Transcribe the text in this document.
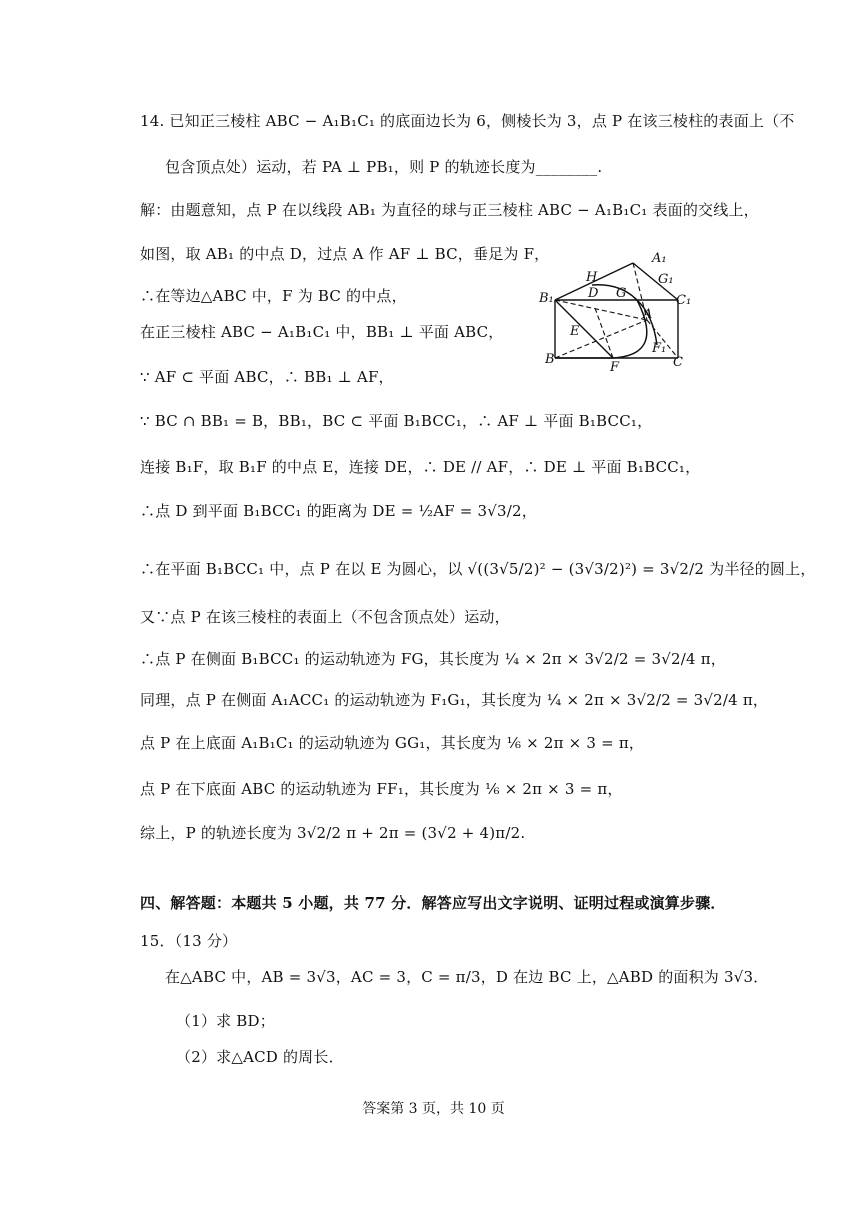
14. 已知正三棱柱 ABC − A₁B₁C₁ 的底面边长为 6，侧棱长为 3，点 P 在该三棱柱的表面上（不
包含顶点处）运动，若 PA ⊥ PB₁，则 P 的轨迹长度为________.
解：由题意知，点 P 在以线段 AB₁ 为直径的球与正三棱柱 ABC − A₁B₁C₁ 表面的交线上，
如图，取 AB₁ 的中点 D，过点 A 作 AF ⊥ BC，垂足为 F，
∴在等边△ABC 中，F 为 BC 的中点，
在正三棱柱 ABC − A₁B₁C₁ 中，BB₁ ⊥ 平面 ABC，
∵ AF ⊂ 平面 ABC，∴ BB₁ ⊥ AF，
∵ BC ∩ BB₁ = B，BB₁，BC ⊂ 平面 B₁BCC₁，∴ AF ⊥ 平面 B₁BCC₁，
连接 B₁F，取 B₁F 的中点 E，连接 DE，∴ DE // AF，∴ DE ⊥ 平面 B₁BCC₁，
∴点 D 到平面 B₁BCC₁ 的距离为 DE = ½AF = 3√3/2，
∴在平面 B₁BCC₁ 中，点 P 在以 E 为圆心，以 √((3√5/2)² − (3√3/2)²) = 3√2/2 为半径的圆上，
又∵点 P 在该三棱柱的表面上（不包含顶点处）运动，
∴点 P 在侧面 B₁BCC₁ 的运动轨迹为 FG，其长度为 ¼ × 2π × 3√2/2 = 3√2/4 π，
同理，点 P 在侧面 A₁ACC₁ 的运动轨迹为 F₁G₁，其长度为 ¼ × 2π × 3√2/2 = 3√2/4 π，
点 P 在上底面 A₁B₁C₁ 的运动轨迹为 GG₁，其长度为 ⅙ × 2π × 3 = π，
点 P 在下底面 ABC 的运动轨迹为 FF₁，其长度为 ⅙ × 2π × 3 = π，
综上，P 的轨迹长度为 3√2/2 π + 2π = (3√2 + 4)π/2.
A₁
H	G₁
B₁	D G	C₁
E
A
F₁
B
F	C
四、解答题：本题共 5 小题，共 77 分．解答应写出文字说明、证明过程或演算步骤．
15．（13 分）
在△ABC 中，AB = 3√3，AC = 3，C = π/3，D 在边 BC 上，△ABD 的面积为 3√3．
（1）求 BD；
（2）求△ACD 的周长．
答案第 3 页，共 10 页
